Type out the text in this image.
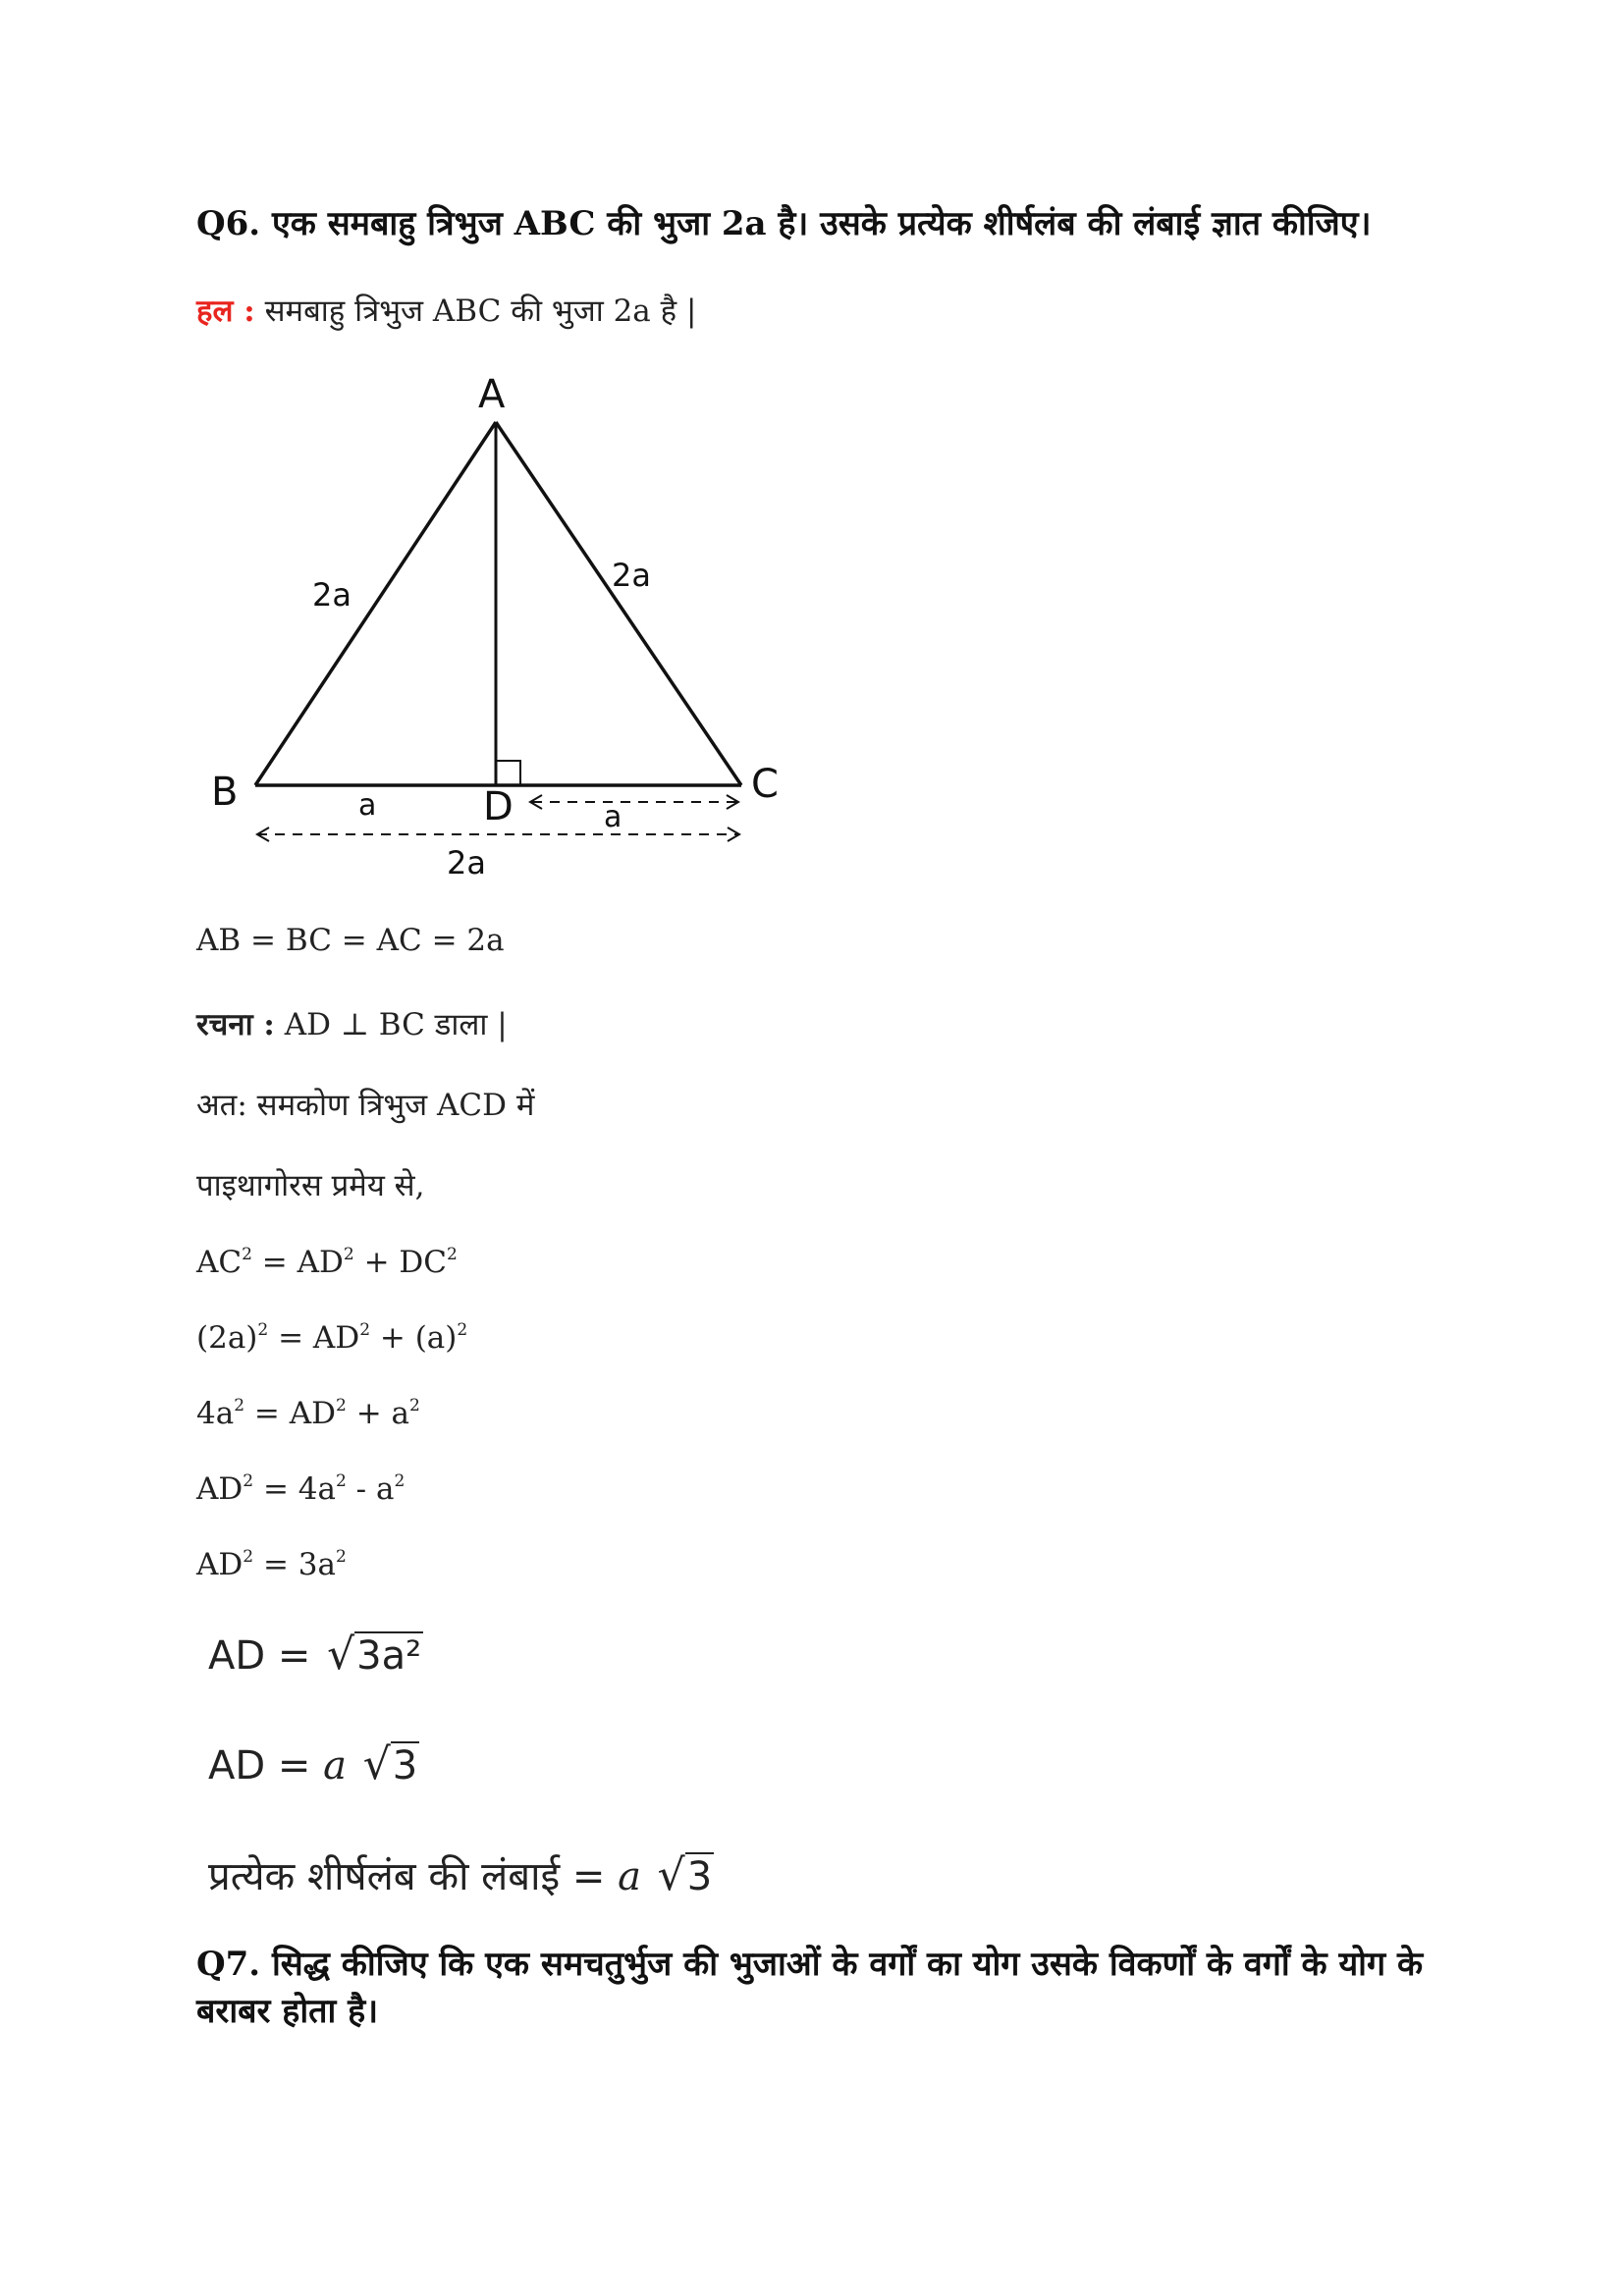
Q6. एक समबाहु त्रिभुज ABC की भुजा 2a है। उसके प्रत्येक शीर्षलंब की लंबाई ज्ञात कीजिए।
हल : समबाहु त्रिभुज ABC की भुजा 2a है |
A
B	C
D
2a
2a
a	a
2a
AB = BC = AC = 2a
रचना : AD ⊥ BC डाला |
अत: समकोण त्रिभुज ACD में
पाइथागोरस प्रमेय से,
$AC^2 = AD^2 + DC^2$
$(2a)^2 = AD^2 + (a)^2$
$4a^2 = AD^2 + a^2$
$AD^2 = 4a^2 - a^2$
$AD^2 = 3a^2$
AD = √3a²
AD = a √3
प्रत्येक शीर्षलंब की लंबाई = a √3
Q7. सिद्ध कीजिए कि एक समचतुर्भुज की भुजाओं के वर्गों का योग उसके विकर्णों के वर्गों के योग के बराबर होता है।
